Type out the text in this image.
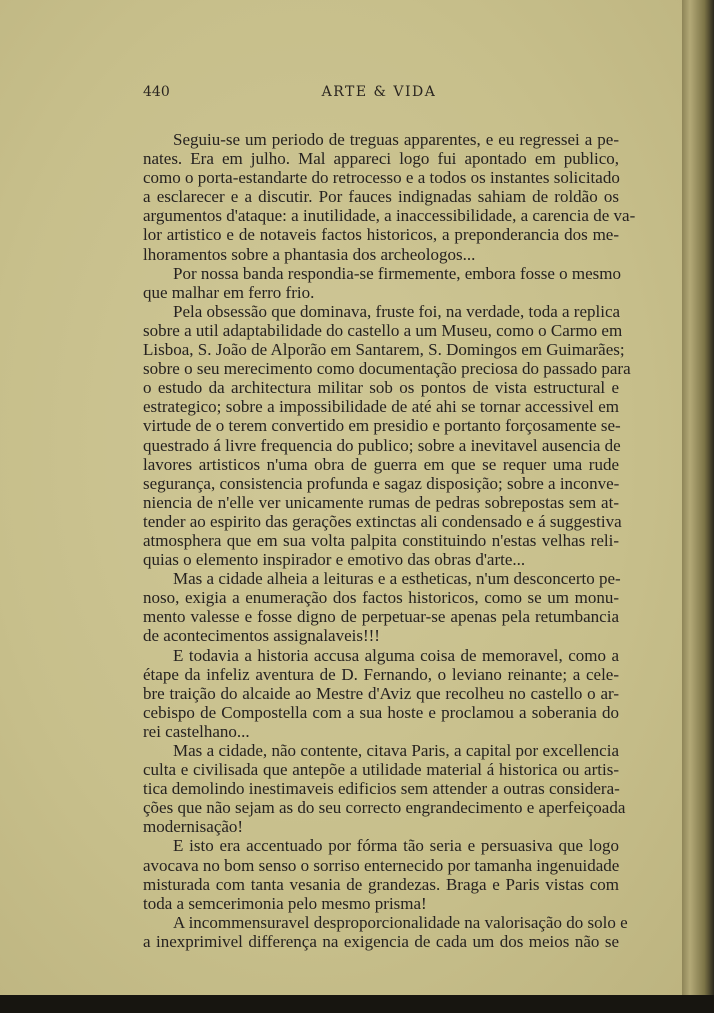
440	ARTE & VIDA
Seguiu-se um periodo de treguas apparentes, e eu regressei a pe-
nates. Era em julho. Mal appareci logo fui apontado em publico,
como o porta-estandarte do retrocesso e a todos os instantes solicitado
a esclarecer e a discutir. Por fauces indignadas sahiam de roldão os
argumentos d'ataque: a inutilidade, a inaccessibilidade, a carencia de va-
lor artistico e de notaveis factos historicos, a preponderancia dos me-
lhoramentos sobre a phantasia dos archeologos...
Por nossa banda respondia-se firmemente, embora fosse o mesmo
que malhar em ferro frio.
Pela obsessão que dominava, fruste foi, na verdade, toda a replica
sobre a util adaptabilidade do castello a um Museu, como o Carmo em
Lisboa, S. João de Alporão em Santarem, S. Domingos em Guimarães;
sobre o seu merecimento como documentação preciosa do passado para
o estudo da architectura militar sob os pontos de vista estructural e
estrategico; sobre a impossibilidade de até ahi se tornar accessivel em
virtude de o terem convertido em presidio e portanto forçosamente se-
questrado á livre frequencia do publico; sobre a inevitavel ausencia de
lavores artisticos n'uma obra de guerra em que se requer uma rude
segurança, consistencia profunda e sagaz disposição; sobre a inconve-
niencia de n'elle ver unicamente rumas de pedras sobrepostas sem at-
tender ao espirito das gerações extinctas ali condensado e á suggestiva
atmosphera que em sua volta palpita constituindo n'estas velhas reli-
quias o elemento inspirador e emotivo das obras d'arte...
Mas a cidade alheia a leituras e a estheticas, n'um desconcerto pe-
noso, exigia a enumeração dos factos historicos, como se um monu-
mento valesse e fosse digno de perpetuar-se apenas pela retumbancia
de acontecimentos assignalaveis!!!
E todavia a historia accusa alguma coisa de memoravel, como a
étape da infeliz aventura de D. Fernando, o leviano reinante; a cele-
bre traição do alcaide ao Mestre d'Aviz que recolheu no castello o ar-
cebispo de Compostella com a sua hoste e proclamou a soberania do
rei castelhano...
Mas a cidade, não contente, citava Paris, a capital por excellencia
culta e civilisada que antepõe a utilidade material á historica ou artis-
tica demolindo inestimaveis edificios sem attender a outras considera-
ções que não sejam as do seu correcto engrandecimento e aperfeiçoada
modernisação!
E isto era accentuado por fórma tão seria e persuasiva que logo
avocava no bom senso o sorriso enternecido por tamanha ingenuidade
misturada com tanta vesania de grandezas. Braga e Paris vistas com
toda a semcerimonia pelo mesmo prisma!
A incommensuravel desproporcionalidade na valorisação do solo e
a inexprimivel differença na exigencia de cada um dos meios não se
